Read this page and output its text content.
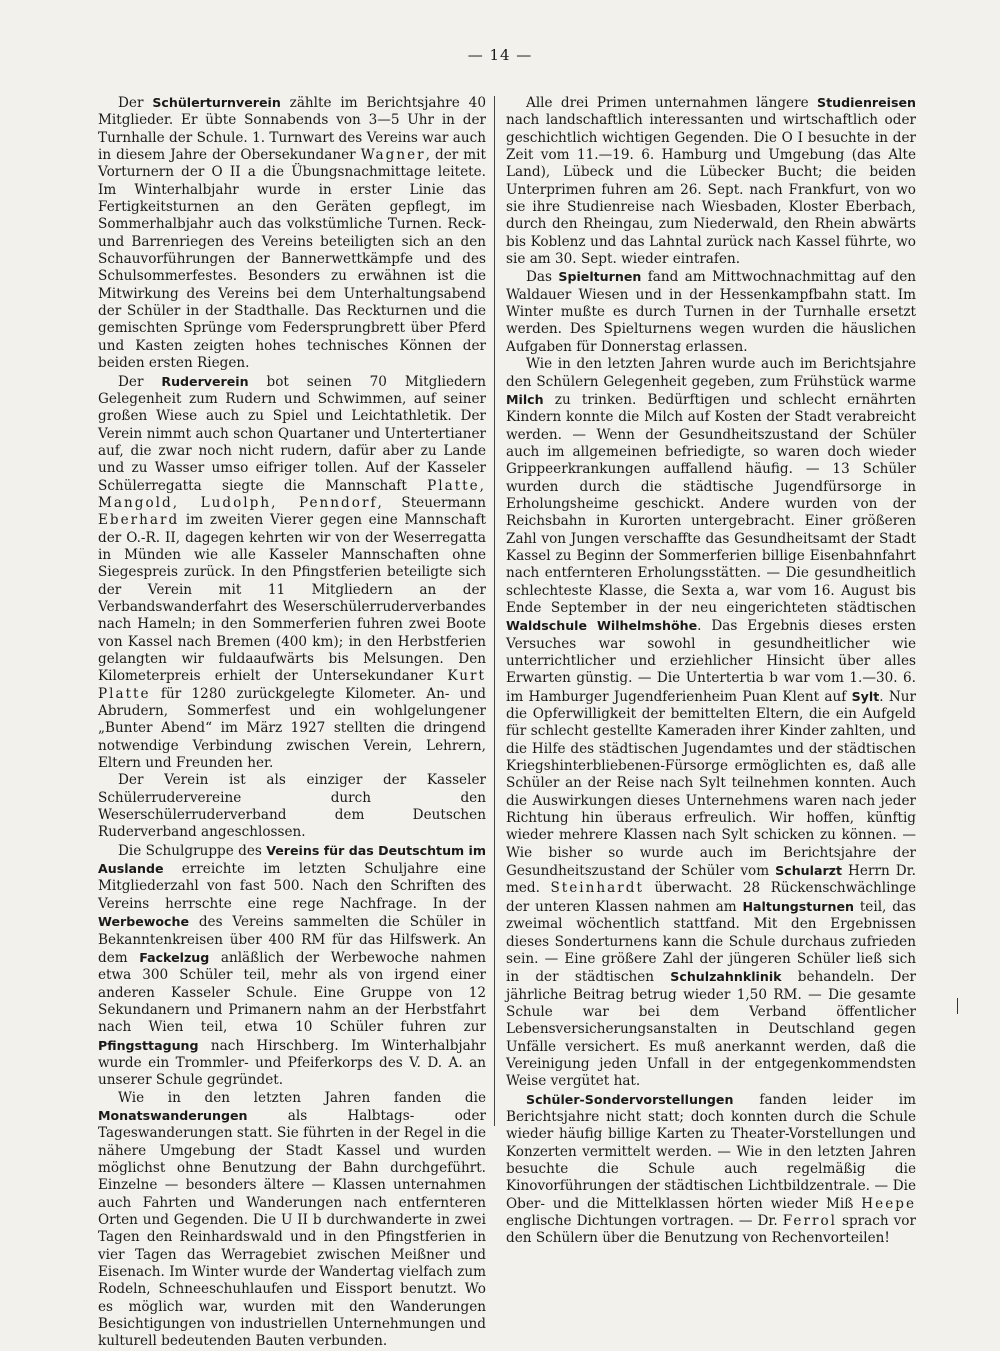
— 14 —

Der Schülerturnverein zählte im Berichtsjahre 40 Mitglieder. Er übte Sonnabends von 3—5 Uhr in der Turnhalle der Schule. 1. Turnwart des Vereins war auch in diesem Jahre der Obersekundaner Wagner, der mit Vorturnern der O II a die Übungsnachmittage leitete. Im Winterhalbjahr wurde in erster Linie das Fertigkeitsturnen an den Geräten gepflegt, im Sommerhalbjahr auch das volkstümliche Turnen. Reck- und Barrenriegen des Vereins beteiligten sich an den Schauvorführungen der Bannerwettkämpfe und des Schulsommerfestes. Besonders zu erwähnen ist die Mitwirkung des Vereins bei dem Unterhaltungsabend der Schüler in der Stadthalle. Das Reckturnen und die gemischten Sprünge vom Federsprungbrett über Pferd und Kasten zeigten hohes technisches Können der beiden ersten Riegen.

Der Ruderverein bot seinen 70 Mitgliedern Gelegenheit zum Rudern und Schwimmen, auf seiner großen Wiese auch zu Spiel und Leichtathletik. Der Verein nimmt auch schon Quartaner und Untertertianer auf, die zwar noch nicht rudern, dafür aber zu Lande und zu Wasser umso eifriger tollen. Auf der Kasseler Schülerregatta siegte die Mannschaft Platte, Mangold, Ludolph, Penndorf, Steuermann Eberhard im zweiten Vierer gegen eine Mannschaft der O.-R. II, dagegen kehrten wir von der Weserregatta in Münden wie alle Kasseler Mannschaften ohne Siegespreis zurück. In den Pfingstferien beteiligte sich der Verein mit 11 Mitgliedern an der Verbandswanderfahrt des Weserschülerruderverbandes nach Hameln; in den Sommerferien fuhren zwei Boote von Kassel nach Bremen (400 km); in den Herbstferien gelangten wir fuldaaufwärts bis Melsungen. Den Kilometerpreis erhielt der Untersekundaner Kurt Platte für 1280 zurückgelegte Kilometer. An- und Abrudern, Sommerfest und ein wohlgelungener „Bunter Abend“ im März 1927 stellten die dringend notwendige Verbindung zwischen Verein, Lehrern, Eltern und Freunden her.

Der Verein ist als einziger der Kasseler Schülerrudervereine durch den Weserschülerruderverband dem Deutschen Ruderverband angeschlossen.

Die Schulgruppe des Vereins für das Deutschtum im Auslande erreichte im letzten Schuljahre eine Mitgliederzahl von fast 500. Nach den Schriften des Vereins herrschte eine rege Nachfrage. In der Werbewoche des Vereins sammelten die Schüler in Bekanntenkreisen über 400 RM für das Hilfswerk. An dem Fackelzug anläßlich der Werbewoche nahmen etwa 300 Schüler teil, mehr als von irgend einer anderen Kasseler Schule. Eine Gruppe von 12 Sekundanern und Primanern nahm an der Herbstfahrt nach Wien teil, etwa 10 Schüler fuhren zur Pfingsttagung nach Hirschberg. Im Winterhalbjahr wurde ein Trommler- und Pfeiferkorps des V. D. A. an unserer Schule gegründet.

Wie in den letzten Jahren fanden die Monatswanderungen als Halbtags- oder Tageswanderungen statt. Sie führten in der Regel in die nähere Umgebung der Stadt Kassel und wurden möglichst ohne Benutzung der Bahn durchgeführt. Einzelne — besonders ältere — Klassen unternahmen auch Fahrten und Wanderungen nach entfernteren Orten und Gegenden. Die U II b durchwanderte in zwei Tagen den Reinhardswald und in den Pfingstferien in vier Tagen das Werragebiet zwischen Meißner und Eisenach. Im Winter wurde der Wandertag vielfach zum Rodeln, Schneeschuhlaufen und Eissport benutzt. Wo es möglich war, wurden mit den Wanderungen Besichtigungen von industriellen Unternehmungen und kulturell bedeutenden Bauten verbunden.

Alle drei Primen unternahmen längere Studienreisen nach landschaftlich interessanten und wirtschaftlich oder geschichtlich wichtigen Gegenden. Die O I besuchte in der Zeit vom 11.—19. 6. Hamburg und Umgebung (das Alte Land), Lübeck und die Lübecker Bucht; die beiden Unterprimen fuhren am 26. Sept. nach Frankfurt, von wo sie ihre Studienreise nach Wiesbaden, Kloster Eberbach, durch den Rheingau, zum Niederwald, den Rhein abwärts bis Koblenz und das Lahntal zurück nach Kassel führte, wo sie am 30. Sept. wieder eintrafen.

Das Spielturnen fand am Mittwochnachmittag auf den Waldauer Wiesen und in der Hessenkampfbahn statt. Im Winter mußte es durch Turnen in der Turnhalle ersetzt werden. Des Spielturnens wegen wurden die häuslichen Aufgaben für Donnerstag erlassen.

Wie in den letzten Jahren wurde auch im Berichtsjahre den Schülern Gelegenheit gegeben, zum Frühstück warme Milch zu trinken. Bedürftigen und schlecht ernährten Kindern konnte die Milch auf Kosten der Stadt verabreicht werden. — Wenn der Gesundheitszustand der Schüler auch im allgemeinen befriedigte, so waren doch wieder Grippeerkrankungen auffallend häufig. — 13 Schüler wurden durch die städtische Jugendfürsorge in Erholungsheime geschickt. Andere wurden von der Reichsbahn in Kurorten untergebracht. Einer größeren Zahl von Jungen verschaffte das Gesundheitsamt der Stadt Kassel zu Beginn der Sommerferien billige Eisenbahnfahrt nach entfernteren Erholungsstätten. — Die gesundheitlich schlechteste Klasse, die Sexta a, war vom 16. August bis Ende September in der neu eingerichteten städtischen Waldschule Wilhelmshöhe. Das Ergebnis dieses ersten Versuches war sowohl in gesundheitlicher wie unterrichtlicher und erziehlicher Hinsicht über alles Erwarten günstig. — Die Untertertia b war vom 1.—30. 6. im Hamburger Jugendferienheim Puan Klent auf Sylt. Nur die Opferwilligkeit der bemittelten Eltern, die ein Aufgeld für schlecht gestellte Kameraden ihrer Kinder zahlten, und die Hilfe des städtischen Jugendamtes und der städtischen Kriegshinterbliebenen-Fürsorge ermöglichten es, daß alle Schüler an der Reise nach Sylt teilnehmen konnten. Auch die Auswirkungen dieses Unternehmens waren nach jeder Richtung hin überaus erfreulich. Wir hoffen, künftig wieder mehrere Klassen nach Sylt schicken zu können. — Wie bisher so wurde auch im Berichtsjahre der Gesundheitszustand der Schüler vom Schularzt Herrn Dr. med. Steinhardt überwacht. 28 Rückenschwächlinge der unteren Klassen nahmen am Haltungsturnen teil, das zweimal wöchentlich stattfand. Mit den Ergebnissen dieses Sonderturnens kann die Schule durchaus zufrieden sein. — Eine größere Zahl der jüngeren Schüler ließ sich in der städtischen Schulzahnklinik behandeln. Der jährliche Beitrag betrug wieder 1,50 RM. — Die gesamte Schule war bei dem Verband öffentlicher Lebensversicherungsanstalten in Deutschland gegen Unfälle versichert. Es muß anerkannt werden, daß die Vereinigung jeden Unfall in der entgegenkommendsten Weise vergütet hat.

Schüler-Sondervorstellungen fanden leider im Berichtsjahre nicht statt; doch konnten durch die Schule wieder häufig billige Karten zu Theater-Vorstellungen und Konzerten vermittelt werden. — Wie in den letzten Jahren besuchte die Schule auch regelmäßig die Kinovorführungen der städtischen Lichtbildzentrale. — Die Ober- und die Mittelklassen hörten wieder Miß Heepe englische Dichtungen vortragen. — Dr. Ferrol sprach vor den Schülern über die Benutzung von Rechenvorteilen!
